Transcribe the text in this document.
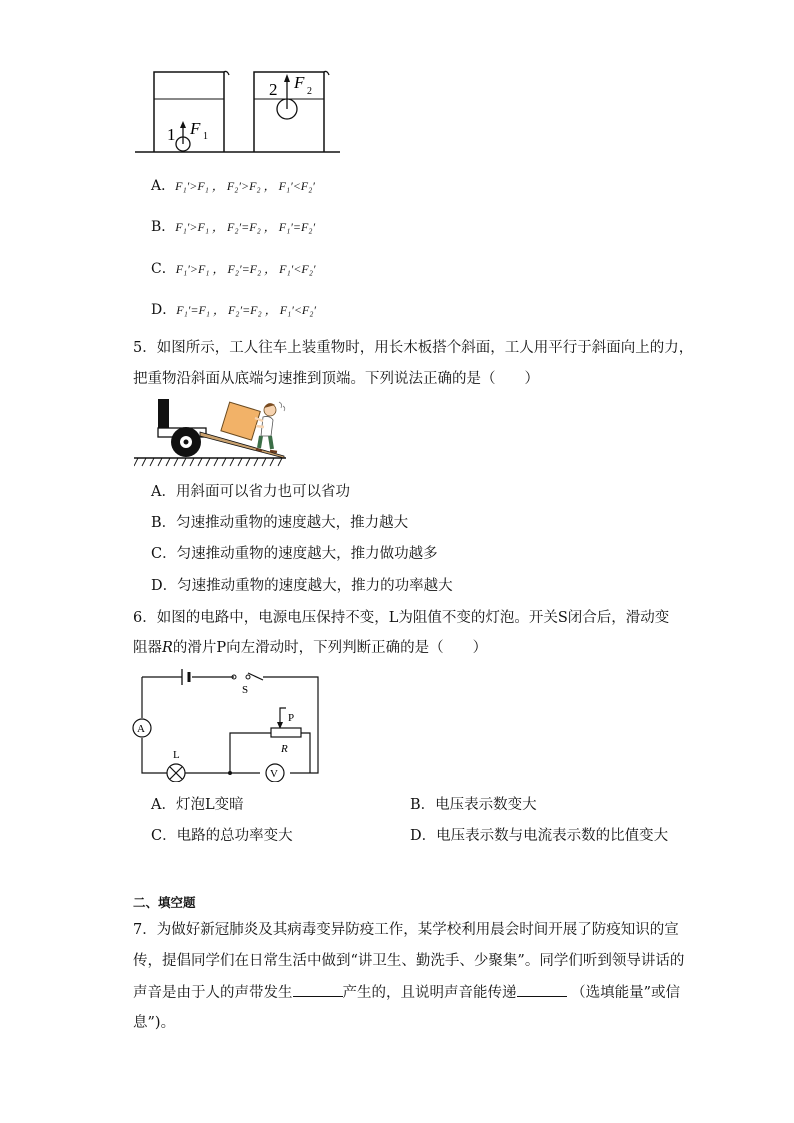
1 F 1
2 F 2
A．F₁′>F₁ ， F₂′>F₂ ， F₁′<F₂′
B．F₁′>F₁ ， F₂′=F₂ ， F₁′=F₂′
C．F₁′>F₁ ， F₂′=F₂ ， F₁′<F₂′
D．F₁′=F₁ ， F₂′=F₂ ， F₁′<F₂′
5．如图所示，工人往车上装重物时，用长木板搭个斜面，工人用平行于斜面向上的力，
把重物沿斜面从底端匀速推到顶端。下列说法正确的是（　　）
A．用斜面可以省力也可以省功
B．匀速推动重物的速度越大，推力越大
C．匀速推动重物的速度越大，推力做功越多
D．匀速推动重物的速度越大，推力的功率越大
6．如图的电路中，电源电压保持不变，L为阻值不变的灯泡。开关S闭合后，滑动变
阻器R的滑片P向左滑动时，下列判断正确的是（　　）
A
V
L
S
P
R
A．灯泡L变暗	B．电压表示数变大
C．电路的总功率变大	D．电压表示数与电流表示数的比值变大
二、填空题
7．为做好新冠肺炎及其病毒变异防疫工作，某学校利用晨会时间开展了防疫知识的宣
传，提倡同学们在日常生活中做到“讲卫生、勤洗手、少聚集”。同学们听到领导讲话的
声音是由于人的声带发生	产生的，且说明声音能传递	（选填能量”或信
息”)。
